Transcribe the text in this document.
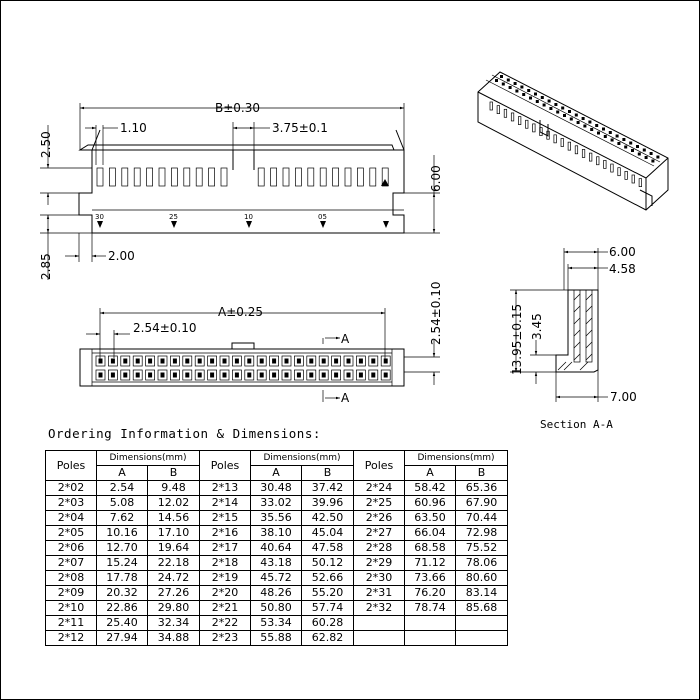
30	25	10	05
B±0.30
1.10	3.75±0.1
2.50
2.85	2.00
6.00
A±0.25
2.54±0.10
A
A
2.54±0.10
6.00
4.58
13.95±0.15 3.45
7.00
Ordering Information & Dimensions:
Section A-A
Poles	Dimensions(mm)		Poles	Dimensions(mm)		Poles	Dimensions(mm)	
	A	B		A	B		A	B
2*02	2.54	9.48	2*13	30.48	37.42	2*24	58.42	65.36
2*03	5.08	12.02	2*14	33.02	39.96	2*25	60.96	67.90
2*04	7.62	14.56	2*15	35.56	42.50	2*26	63.50	70.44
2*05	10.16	17.10	2*16	38.10	45.04	2*27	66.04	72.98
2*06	12.70	19.64	2*17	40.64	47.58	2*28	68.58	75.52
2*07	15.24	22.18	2*18	43.18	50.12	2*29	71.12	78.06
2*08	17.78	24.72	2*19	45.72	52.66	2*30	73.66	80.60
2*09	20.32	27.26	2*20	48.26	55.20	2*31	76.20	83.14
2*10	22.86	29.80	2*21	50.80	57.74	2*32	78.74	85.68
2*11	25.40	32.34	2*22	53.34	60.28			
2*12	27.94	34.88	2*23	55.88	62.82			
